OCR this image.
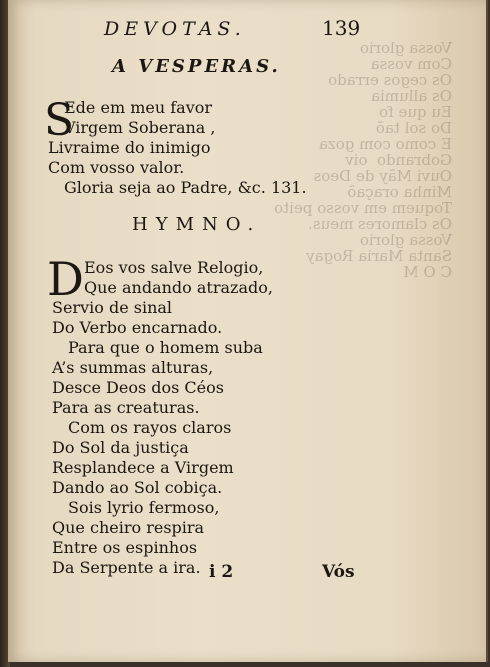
Vossa glorio
Com vossa
Os cegos errado
Os allumia
Eu que fo
Do sol taõ
E como com goza
Gobrando  oiv
Ouvi Mãy de Deos
Minha oraçaõ
Toquem em vosso peito
Os clamores meus.
Vossa glorio
Santa Maria Rogay
C O M
DEVOTAS.	139
A VESPERAS.
S
Ede em meu favor
Virgem Soberana ,
Livraime do inimigo
Com vosso valor.
Gloria seja ao Padre, &c. 131.
HYMNO.
D Eos vos salve Relogio,
Que andando atrazado,
Servio de sinal
Do Verbo encarnado.
Para que o homem suba
A’s summas alturas,
Desce Deos dos Céos
Para as creaturas.
Com os rayos claros
Do Sol da justiça
Resplandece a Virgem
Dando ao Sol cobiça.
Sois lyrio fermoso,
Que cheiro respira
Entre os espinhos
Da Serpente a ira. i 2	Vós
